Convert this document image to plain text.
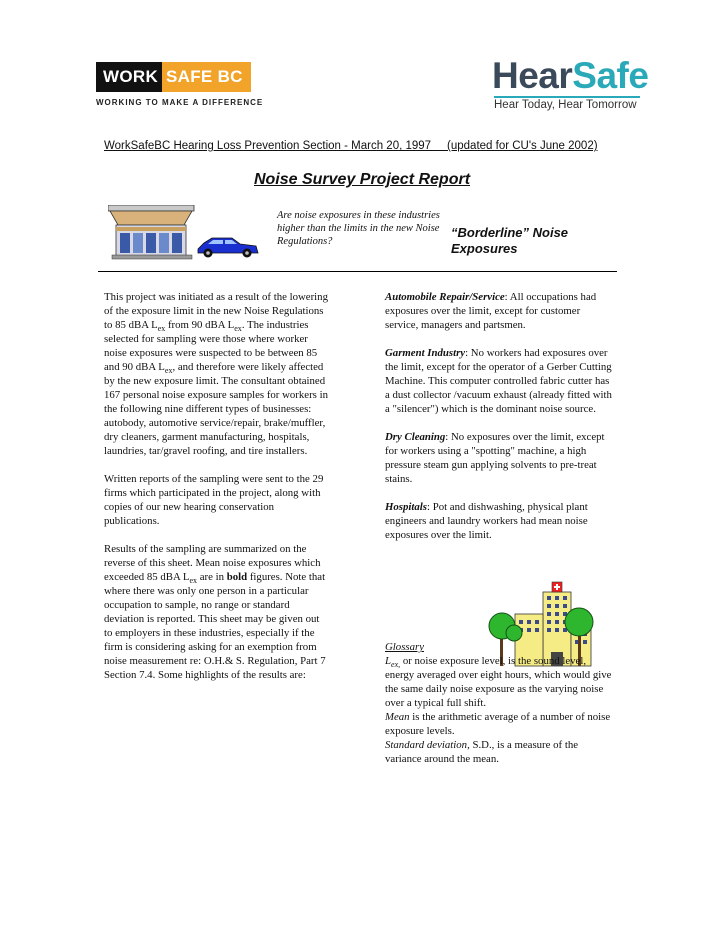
WORK SAFE BC
WORKING TO MAKE A DIFFERENCE
HearSafe
Hear Today, Hear Tomorrow
WorkSafeBC Hearing Loss Prevention Section - March 20, 1997     (updated for CU's June 2002)
Noise Survey Project Report
Are noise exposures in these industries higher than the limits in the new Noise Regulations?
“Borderline” Noise Exposures

This project was initiated as a result of the lowering of the exposure limit in the new Noise Regulations to 85 dBA $L_{ex}$ from 90 dBA $L_{ex}$. The industries selected for sampling were those where worker noise exposures were suspected to be between 85 and 90 dBA $L_{ex}$, and therefore were likely affected by the new exposure limit. The consultant obtained 167 personal noise exposure samples for workers in the following nine different types of businesses: autobody, automotive service/repair, brake/muffler, dry cleaners, garment manufacturing, hospitals, laundries, tar/gravel roofing, and tire installers.

Written reports of the sampling were sent to the 29 firms which participated in the project, along with copies of our new hearing conservation publications.

Results of the sampling are summarized on the reverse of this sheet. Mean noise exposures which exceeded 85 dBA $L_{ex}$ are in bold figures. Note that where there was only one person in a particular occupation to sample, no range or standard deviation is reported. This sheet may be given out to employers in these industries, especially if the firm is considering asking for an exemption from noise measurement re: O.H.& S. Regulation, Part 7 Section 7.4. Some highlights of the results are:

Automobile Repair/Service: All occupations had exposures over the limit, except for customer service, managers and partsmen.

Garment Industry: No workers had exposures over the limit, except for the operator of a Gerber Cutting Machine. This computer controlled fabric cutter has a dust collector /vacuum exhaust (already fitted with a "silencer") which is the dominant noise source.

Dry Cleaning: No exposures over the limit, except for workers using a "spotting" machine, a high pressure steam gun applying solvents to pre-treat stains.

Hospitals: Pot and dishwashing, physical plant engineers and laundry workers had mean noise exposures over the limit.

Glossary
$L_{ex,}$ or noise exposure level, is the sound level, energy averaged over eight hours, which would give the same daily noise exposure as the varying noise over a typical full shift.
Mean is the arithmetic average of a number of noise exposure levels.
Standard deviation, S.D., is a measure of the variance around the mean.
